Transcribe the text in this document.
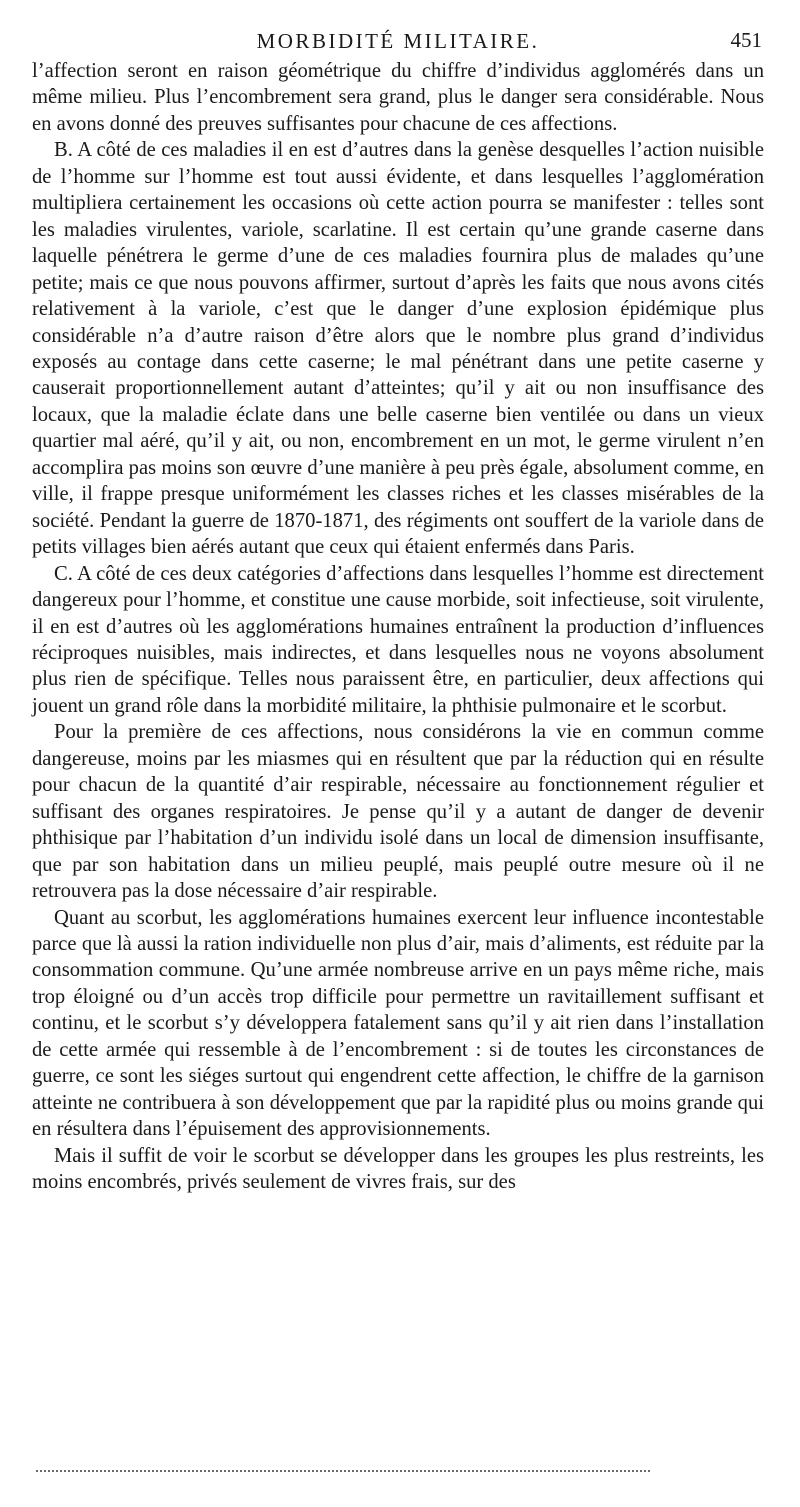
MORBIDITÉ MILITAIRE.	451

l’affection seront en raison géométrique du chiffre d’individus agglomérés dans un même milieu. Plus l’encombrement sera grand, plus le danger sera considérable. Nous en avons donné des preuves suffisantes pour chacune de ces affections.

B. A côté de ces maladies il en est d’autres dans la genèse desquelles l’action nuisible de l’homme sur l’homme est tout aussi évidente, et dans lesquelles l’agglomération multipliera certainement les occasions où cette action pourra se manifester : telles sont les maladies virulentes, variole, scarlatine. Il est certain qu’une grande caserne dans laquelle pénétrera le germe d’une de ces maladies fournira plus de malades qu’une petite; mais ce que nous pouvons affirmer, surtout d’après les faits que nous avons cités relativement à la variole, c’est que le danger d’une explosion épidémique plus considérable n’a d’autre raison d’être alors que le nombre plus grand d’individus exposés au contage dans cette caserne; le mal pénétrant dans une petite caserne y causerait proportionnellement autant d’atteintes; qu’il y ait ou non insuffisance des locaux, que la maladie éclate dans une belle caserne bien ventilée ou dans un vieux quartier mal aéré, qu’il y ait, ou non, encombrement en un mot, le germe virulent n’en accomplira pas moins son œuvre d’une manière à peu près égale, absolument comme, en ville, il frappe presque uniformément les classes riches et les classes misérables de la société. Pendant la guerre de 1870-1871, des régiments ont souffert de la variole dans de petits villages bien aérés autant que ceux qui étaient enfermés dans Paris.

C. A côté de ces deux catégories d’affections dans lesquelles l’homme est directement dangereux pour l’homme, et constitue une cause morbide, soit infectieuse, soit virulente, il en est d’autres où les agglomérations humaines entraînent la production d’influences réciproques nuisibles, mais indirectes, et dans lesquelles nous ne voyons absolument plus rien de spécifique. Telles nous paraissent être, en particulier, deux affections qui jouent un grand rôle dans la morbidité militaire, la phthisie pulmonaire et le scorbut.

Pour la première de ces affections, nous considérons la vie en commun comme dangereuse, moins par les miasmes qui en résultent que par la réduction qui en résulte pour chacun de la quantité d’air respirable, nécessaire au fonctionnement régulier et suffisant des organes respiratoires. Je pense qu’il y a autant de danger de devenir phthisique par l’habitation d’un individu isolé dans un local de dimension insuffisante, que par son habitation dans un milieu peuplé, mais peuplé outre mesure où il ne retrouvera pas la dose nécessaire d’air respirable.

Quant au scorbut, les agglomérations humaines exercent leur influence incontestable parce que là aussi la ration individuelle non plus d’air, mais d’aliments, est réduite par la consommation commune. Qu’une armée nombreuse arrive en un pays même riche, mais trop éloigné ou d’un accès trop difficile pour permettre un ravitaillement suffisant et continu, et le scorbut s’y développera fatalement sans qu’il y ait rien dans l’installation de cette armée qui ressemble à de l’encombrement : si de toutes les circonstances de guerre, ce sont les siéges surtout qui engendrent cette affection, le chiffre de la garnison atteinte ne contribuera à son développement que par la rapidité plus ou moins grande qui en résultera dans l’épuisement des approvisionnements.

Mais il suffit de voir le scorbut se développer dans les groupes les plus restreints, les moins encombrés, privés seulement de vivres frais, sur des
